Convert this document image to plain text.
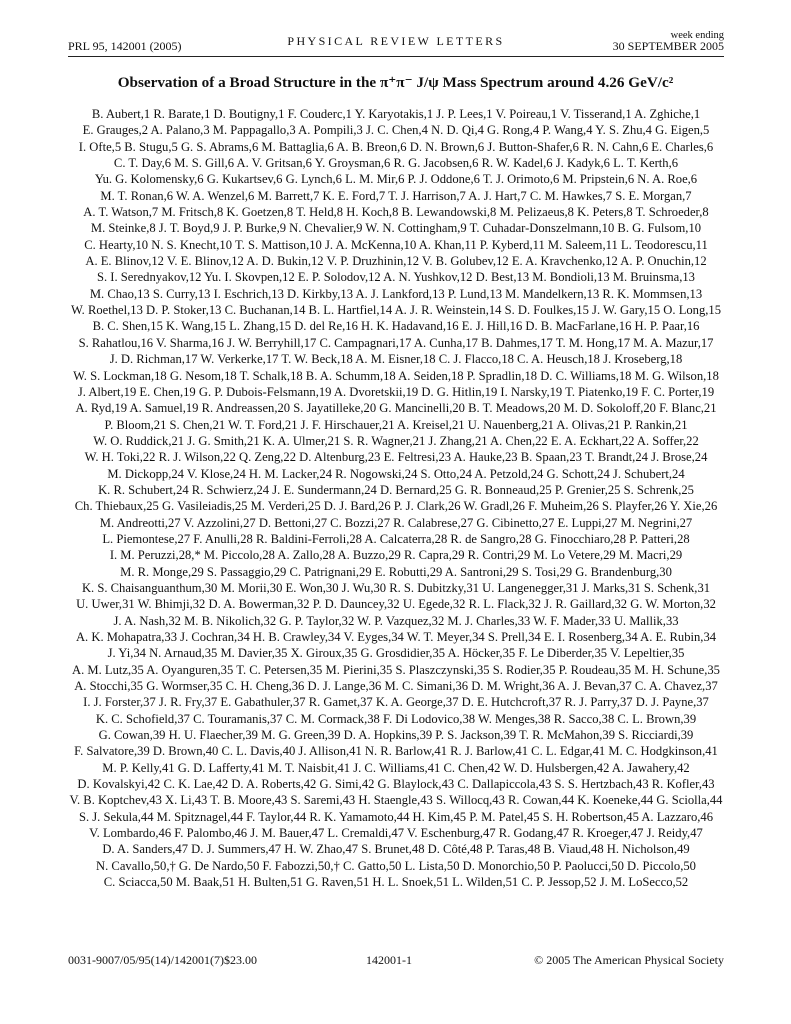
PRL 95, 142001 (2005)	PHYSICAL REVIEW LETTERS	week ending
30 SEPTEMBER 2005
Observation of a Broad Structure in the π⁺π⁻ J/ψ Mass Spectrum around 4.26 GeV/c²
B. Aubert,1 R. Barate,1 D. Boutigny,1 F. Couderc,1 Y. Karyotakis,1 J. P. Lees,1 V. Poireau,1 V. Tisserand,1 A. Zghiche,1
E. Grauges,2 A. Palano,3 M. Pappagallo,3 A. Pompili,3 J. C. Chen,4 N. D. Qi,4 G. Rong,4 P. Wang,4 Y. S. Zhu,4 G. Eigen,5
I. Ofte,5 B. Stugu,5 G. S. Abrams,6 M. Battaglia,6 A. B. Breon,6 D. N. Brown,6 J. Button-Shafer,6 R. N. Cahn,6 E. Charles,6
C. T. Day,6 M. S. Gill,6 A. V. Gritsan,6 Y. Groysman,6 R. G. Jacobsen,6 R. W. Kadel,6 J. Kadyk,6 L. T. Kerth,6
Yu. G. Kolomensky,6 G. Kukartsev,6 G. Lynch,6 L. M. Mir,6 P. J. Oddone,6 T. J. Orimoto,6 M. Pripstein,6 N. A. Roe,6
M. T. Ronan,6 W. A. Wenzel,6 M. Barrett,7 K. E. Ford,7 T. J. Harrison,7 A. J. Hart,7 C. M. Hawkes,7 S. E. Morgan,7
A. T. Watson,7 M. Fritsch,8 K. Goetzen,8 T. Held,8 H. Koch,8 B. Lewandowski,8 M. Pelizaeus,8 K. Peters,8 T. Schroeder,8
M. Steinke,8 J. T. Boyd,9 J. P. Burke,9 N. Chevalier,9 W. N. Cottingham,9 T. Cuhadar-Donszelmann,10 B. G. Fulsom,10
C. Hearty,10 N. S. Knecht,10 T. S. Mattison,10 J. A. McKenna,10 A. Khan,11 P. Kyberd,11 M. Saleem,11 L. Teodorescu,11
A. E. Blinov,12 V. E. Blinov,12 A. D. Bukin,12 V. P. Druzhinin,12 V. B. Golubev,12 E. A. Kravchenko,12 A. P. Onuchin,12
S. I. Serednyakov,12 Yu. I. Skovpen,12 E. P. Solodov,12 A. N. Yushkov,12 D. Best,13 M. Bondioli,13 M. Bruinsma,13
M. Chao,13 S. Curry,13 I. Eschrich,13 D. Kirkby,13 A. J. Lankford,13 P. Lund,13 M. Mandelkern,13 R. K. Mommsen,13
W. Roethel,13 D. P. Stoker,13 C. Buchanan,14 B. L. Hartfiel,14 A. J. R. Weinstein,14 S. D. Foulkes,15 J. W. Gary,15 O. Long,15
B. C. Shen,15 K. Wang,15 L. Zhang,15 D. del Re,16 H. K. Hadavand,16 E. J. Hill,16 D. B. MacFarlane,16 H. P. Paar,16
S. Rahatlou,16 V. Sharma,16 J. W. Berryhill,17 C. Campagnari,17 A. Cunha,17 B. Dahmes,17 T. M. Hong,17 M. A. Mazur,17
J. D. Richman,17 W. Verkerke,17 T. W. Beck,18 A. M. Eisner,18 C. J. Flacco,18 C. A. Heusch,18 J. Kroseberg,18
W. S. Lockman,18 G. Nesom,18 T. Schalk,18 B. A. Schumm,18 A. Seiden,18 P. Spradlin,18 D. C. Williams,18 M. G. Wilson,18
J. Albert,19 E. Chen,19 G. P. Dubois-Felsmann,19 A. Dvoretskii,19 D. G. Hitlin,19 I. Narsky,19 T. Piatenko,19 F. C. Porter,19
A. Ryd,19 A. Samuel,19 R. Andreassen,20 S. Jayatilleke,20 G. Mancinelli,20 B. T. Meadows,20 M. D. Sokoloff,20 F. Blanc,21
P. Bloom,21 S. Chen,21 W. T. Ford,21 J. F. Hirschauer,21 A. Kreisel,21 U. Nauenberg,21 A. Olivas,21 P. Rankin,21
W. O. Ruddick,21 J. G. Smith,21 K. A. Ulmer,21 S. R. Wagner,21 J. Zhang,21 A. Chen,22 E. A. Eckhart,22 A. Soffer,22
W. H. Toki,22 R. J. Wilson,22 Q. Zeng,22 D. Altenburg,23 E. Feltresi,23 A. Hauke,23 B. Spaan,23 T. Brandt,24 J. Brose,24
M. Dickopp,24 V. Klose,24 H. M. Lacker,24 R. Nogowski,24 S. Otto,24 A. Petzold,24 G. Schott,24 J. Schubert,24
K. R. Schubert,24 R. Schwierz,24 J. E. Sundermann,24 D. Bernard,25 G. R. Bonneaud,25 P. Grenier,25 S. Schrenk,25
Ch. Thiebaux,25 G. Vasileiadis,25 M. Verderi,25 D. J. Bard,26 P. J. Clark,26 W. Gradl,26 F. Muheim,26 S. Playfer,26 Y. Xie,26
M. Andreotti,27 V. Azzolini,27 D. Bettoni,27 C. Bozzi,27 R. Calabrese,27 G. Cibinetto,27 E. Luppi,27 M. Negrini,27
L. Piemontese,27 F. Anulli,28 R. Baldini-Ferroli,28 A. Calcaterra,28 R. de Sangro,28 G. Finocchiaro,28 P. Patteri,28
I. M. Peruzzi,28,* M. Piccolo,28 A. Zallo,28 A. Buzzo,29 R. Capra,29 R. Contri,29 M. Lo Vetere,29 M. Macri,29
M. R. Monge,29 S. Passaggio,29 C. Patrignani,29 E. Robutti,29 A. Santroni,29 S. Tosi,29 G. Brandenburg,30
K. S. Chaisanguanthum,30 M. Morii,30 E. Won,30 J. Wu,30 R. S. Dubitzky,31 U. Langenegger,31 J. Marks,31 S. Schenk,31
U. Uwer,31 W. Bhimji,32 D. A. Bowerman,32 P. D. Dauncey,32 U. Egede,32 R. L. Flack,32 J. R. Gaillard,32 G. W. Morton,32
J. A. Nash,32 M. B. Nikolich,32 G. P. Taylor,32 W. P. Vazquez,32 M. J. Charles,33 W. F. Mader,33 U. Mallik,33
A. K. Mohapatra,33 J. Cochran,34 H. B. Crawley,34 V. Eyges,34 W. T. Meyer,34 S. Prell,34 E. I. Rosenberg,34 A. E. Rubin,34
J. Yi,34 N. Arnaud,35 M. Davier,35 X. Giroux,35 G. Grosdidier,35 A. Höcker,35 F. Le Diberder,35 V. Lepeltier,35
A. M. Lutz,35 A. Oyanguren,35 T. C. Petersen,35 M. Pierini,35 S. Plaszczynski,35 S. Rodier,35 P. Roudeau,35 M. H. Schune,35
A. Stocchi,35 G. Wormser,35 C. H. Cheng,36 D. J. Lange,36 M. C. Simani,36 D. M. Wright,36 A. J. Bevan,37 C. A. Chavez,37
I. J. Forster,37 J. R. Fry,37 E. Gabathuler,37 R. Gamet,37 K. A. George,37 D. E. Hutchcroft,37 R. J. Parry,37 D. J. Payne,37
K. C. Schofield,37 C. Touramanis,37 C. M. Cormack,38 F. Di Lodovico,38 W. Menges,38 R. Sacco,38 C. L. Brown,39
G. Cowan,39 H. U. Flaecher,39 M. G. Green,39 D. A. Hopkins,39 P. S. Jackson,39 T. R. McMahon,39 S. Ricciardi,39
F. Salvatore,39 D. Brown,40 C. L. Davis,40 J. Allison,41 N. R. Barlow,41 R. J. Barlow,41 C. L. Edgar,41 M. C. Hodgkinson,41
M. P. Kelly,41 G. D. Lafferty,41 M. T. Naisbit,41 J. C. Williams,41 C. Chen,42 W. D. Hulsbergen,42 A. Jawahery,42
D. Kovalskyi,42 C. K. Lae,42 D. A. Roberts,42 G. Simi,42 G. Blaylock,43 C. Dallapiccola,43 S. S. Hertzbach,43 R. Kofler,43
V. B. Koptchev,43 X. Li,43 T. B. Moore,43 S. Saremi,43 H. Staengle,43 S. Willocq,43 R. Cowan,44 K. Koeneke,44 G. Sciolla,44
S. J. Sekula,44 M. Spitznagel,44 F. Taylor,44 R. K. Yamamoto,44 H. Kim,45 P. M. Patel,45 S. H. Robertson,45 A. Lazzaro,46
V. Lombardo,46 F. Palombo,46 J. M. Bauer,47 L. Cremaldi,47 V. Eschenburg,47 R. Godang,47 R. Kroeger,47 J. Reidy,47
D. A. Sanders,47 D. J. Summers,47 H. W. Zhao,47 S. Brunet,48 D. Côté,48 P. Taras,48 B. Viaud,48 H. Nicholson,49
N. Cavallo,50,† G. De Nardo,50 F. Fabozzi,50,† C. Gatto,50 L. Lista,50 D. Monorchio,50 P. Paolucci,50 D. Piccolo,50
C. Sciacca,50 M. Baak,51 H. Bulten,51 G. Raven,51 H. L. Snoek,51 L. Wilden,51 C. P. Jessop,52 J. M. LoSecco,52
0031-9007/05/95(14)/142001(7)$23.00	142001-1	© 2005 The American Physical Society
